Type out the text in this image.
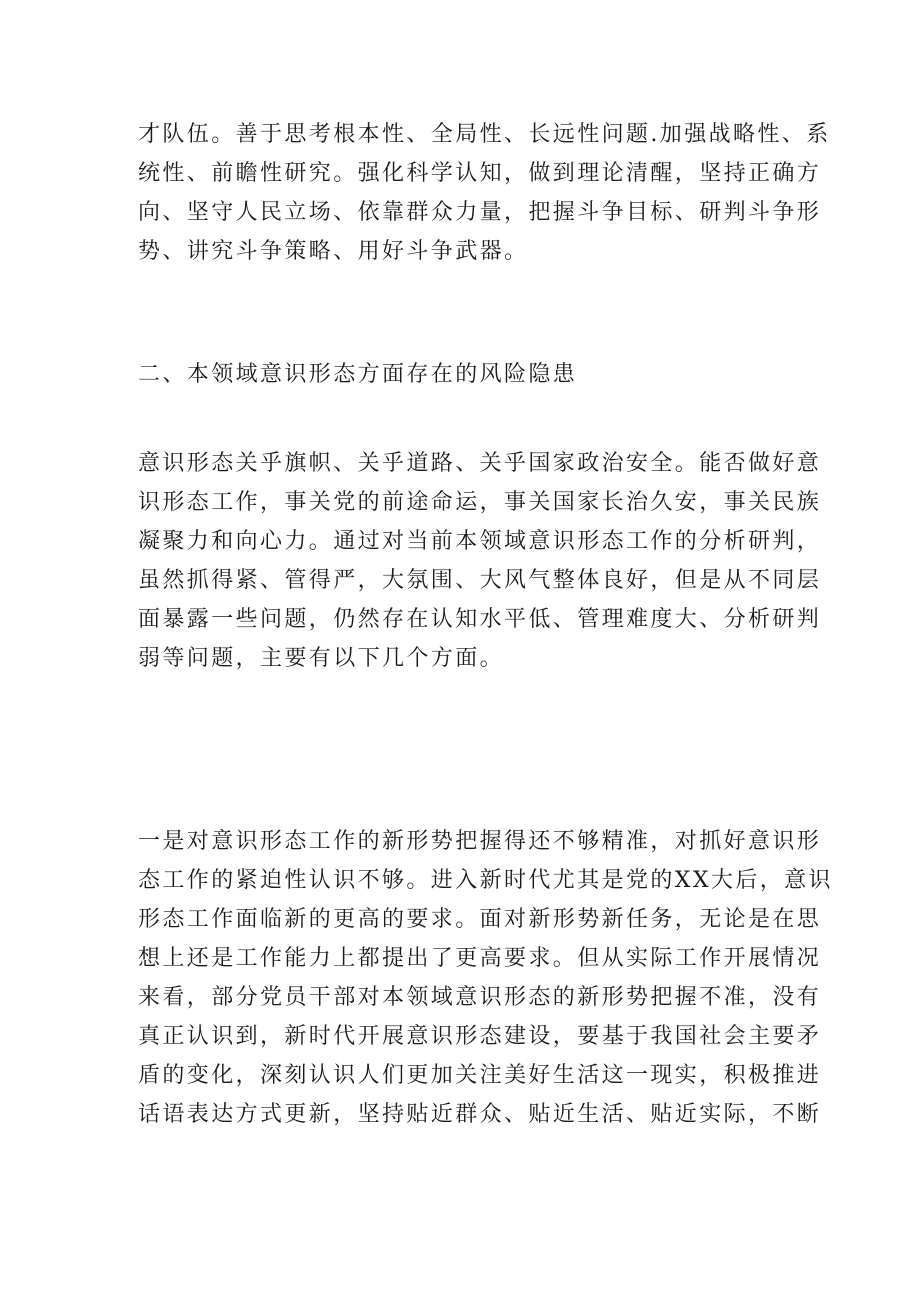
才队伍。善于思考根本性、全局性、长远性问题.加强战略性、系
统性、前瞻性研究。强化科学认知，做到理论清醒，坚持正确方
向、坚守人民立场、依靠群众力量，把握斗争目标、研判斗争形
势、讲究斗争策略、用好斗争武器。
二、本领域意识形态方面存在的风险隐患
意识形态关乎旗帜、关乎道路、关乎国家政治安全。能否做好意
识形态工作，事关党的前途命运，事关国家长治久安，事关民族
凝聚力和向心力。通过对当前本领域意识形态工作的分析研判，
虽然抓得紧、管得严，大氛围、大风气整体良好，但是从不同层
面暴露一些问题，仍然存在认知水平低、管理难度大、分析研判
弱等问题，主要有以下几个方面。
一是对意识形态工作的新形势把握得还不够精准，对抓好意识形
态工作的紧迫性认识不够。进入新时代尤其是党的XX大后，意识
形态工作面临新的更高的要求。面对新形势新任务，无论是在思
想上还是工作能力上都提出了更高要求。但从实际工作开展情况
来看，部分党员干部对本领域意识形态的新形势把握不准，没有
真正认识到，新时代开展意识形态建设，要基于我国社会主要矛
盾的变化，深刻认识人们更加关注美好生活这一现实，积极推进
话语表达方式更新，坚持贴近群众、贴近生活、贴近实际，不断
